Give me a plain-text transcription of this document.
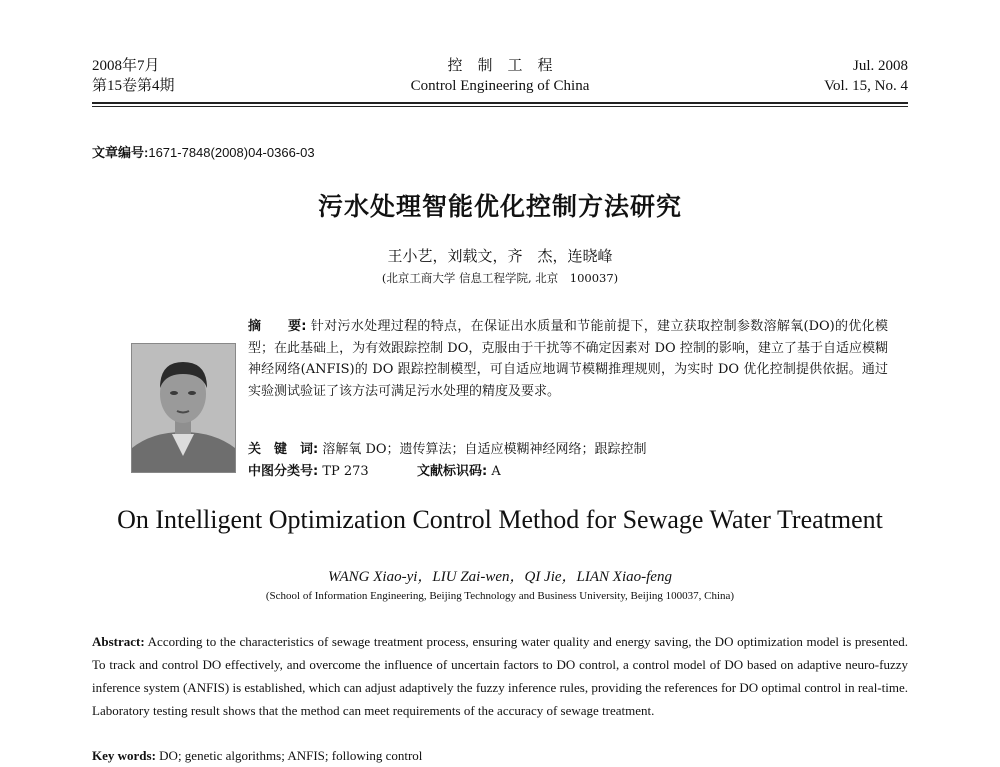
2008年7月
第15卷第4期
控　制　工　程
Control Engineering of China
Jul. 2008
Vol. 15, No. 4
文章编号:1671-7848(2008)04-0366-03
污水处理智能优化控制方法研究
王小艺，刘载文，齐　杰，连晓峰
(北京工商大学 信息工程学院, 北京　100037)
摘　　要: 针对污水处理过程的特点，在保证出水质量和节能前提下，建立获取控制参数溶解氧(DO)的优化模型；在此基础上，为有效跟踪控制 DO，克服由于干扰等不确定因素对 DO 控制的影响，建立了基于自适应模糊神经网络(ANFIS)的 DO 跟踪控制模型，可自适应地调节模糊推理规则，为实时 DO 优化控制提供依据。通过实验测试验证了该方法可满足污水处理的精度及要求。
关　键　词: 溶解氧 DO；遗传算法；自适应模糊神经网络；跟踪控制
中图分类号: TP 273	文献标识码: A
On Intelligent Optimization Control Method for Sewage Water Treatment
WANG Xiao-yi，LIU Zai-wen，QI Jie，LIAN Xiao-feng
(School of Information Engineering, Beijing Technology and Business University, Beijing 100037, China)
Abstract: According to the characteristics of sewage treatment process, ensuring water quality and energy saving, the DO optimization model is presented. To track and control DO effectively, and overcome the influence of uncertain factors to DO control, a control model of DO based on adaptive neuro-fuzzy inference system (ANFIS) is established, which can adjust adaptively the fuzzy inference rules, providing the references for DO optimal control in real-time. Laboratory testing result shows that the method can meet requirements of the accuracy of sewage treatment.
Key words: DO; genetic algorithms; ANFIS; following control
